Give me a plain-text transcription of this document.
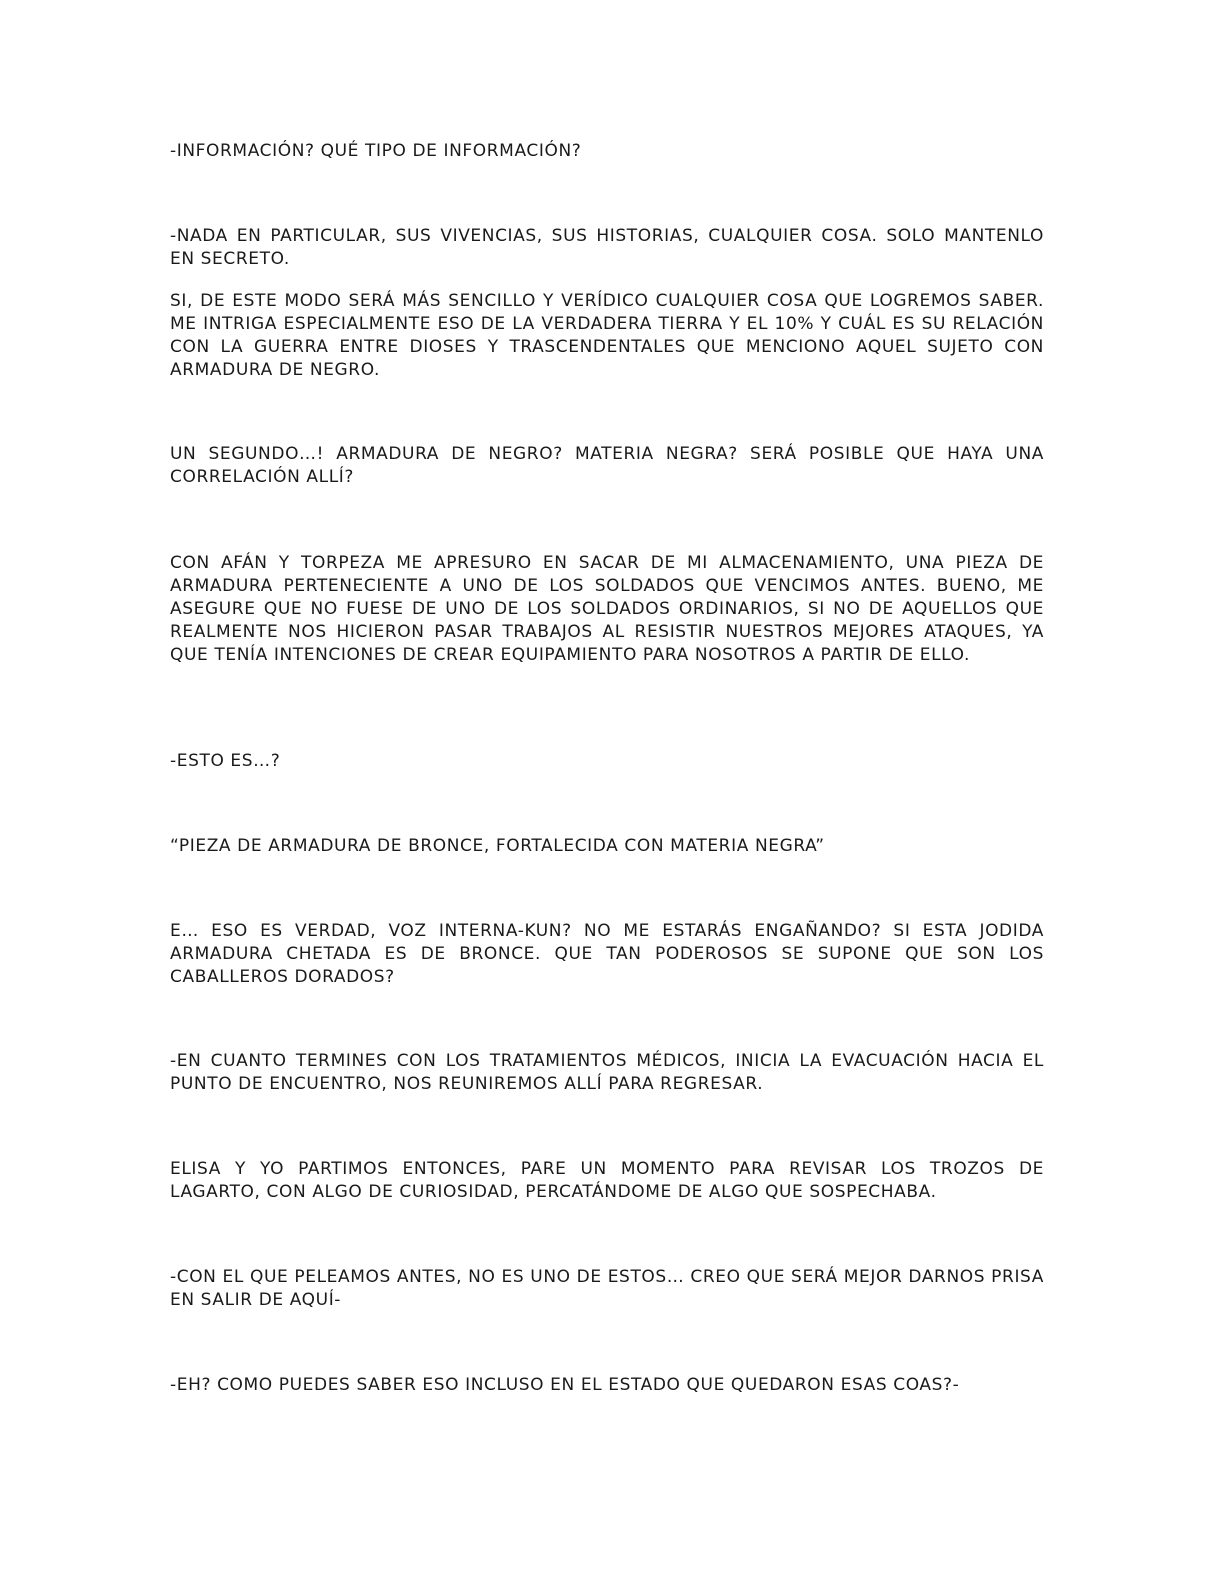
-INFORMACIÓN? QUÉ TIPO DE INFORMACIÓN?

-NADA EN PARTICULAR, SUS VIVENCIAS, SUS HISTORIAS, CUALQUIER COSA. SOLO MANTENLO EN SECRETO.

SI, DE ESTE MODO SERÁ MÁS SENCILLO Y VERÍDICO CUALQUIER COSA QUE LOGREMOS SABER. ME INTRIGA ESPECIALMENTE ESO DE LA VERDADERA TIERRA Y EL 10% Y CUÁL ES SU RELACIÓN CON LA GUERRA ENTRE DIOSES Y TRASCENDENTALES QUE MENCIONO AQUEL SUJETO CON ARMADURA DE NEGRO.

UN SEGUNDO…! ARMADURA DE NEGRO? MATERIA NEGRA? SERÁ POSIBLE QUE HAYA UNA CORRELACIÓN ALLÍ?

CON AFÁN Y TORPEZA ME APRESURO EN SACAR DE MI ALMACENAMIENTO, UNA PIEZA DE ARMADURA PERTENECIENTE A UNO DE LOS SOLDADOS QUE VENCIMOS ANTES. BUENO, ME ASEGURE QUE NO FUESE DE UNO DE LOS SOLDADOS ORDINARIOS, SI NO DE AQUELLOS QUE REALMENTE NOS HICIERON PASAR TRABAJOS AL RESISTIR NUESTROS MEJORES ATAQUES, YA QUE TENÍA INTENCIONES DE CREAR EQUIPAMIENTO PARA NOSOTROS A PARTIR DE ELLO.

-ESTO ES…?

“PIEZA DE ARMADURA DE BRONCE, FORTALECIDA CON MATERIA NEGRA”

E… ESO ES VERDAD, VOZ INTERNA-KUN? NO ME ESTARÁS ENGAÑANDO? SI ESTA JODIDA ARMADURA CHETADA ES DE BRONCE. QUE TAN PODEROSOS SE SUPONE QUE SON LOS CABALLEROS DORADOS?

-EN CUANTO TERMINES CON LOS TRATAMIENTOS MÉDICOS, INICIA LA EVACUACIÓN HACIA EL PUNTO DE ENCUENTRO, NOS REUNIREMOS ALLÍ PARA REGRESAR.

ELISA Y YO PARTIMOS ENTONCES, PARE UN MOMENTO PARA REVISAR LOS TROZOS DE LAGARTO, CON ALGO DE CURIOSIDAD, PERCATÁNDOME DE ALGO QUE SOSPECHABA.

-CON EL QUE PELEAMOS ANTES, NO ES UNO DE ESTOS… CREO QUE SERÁ MEJOR DARNOS PRISA EN SALIR DE AQUÍ-

-EH? COMO PUEDES SABER ESO INCLUSO EN EL ESTADO QUE QUEDARON ESAS COAS?-
